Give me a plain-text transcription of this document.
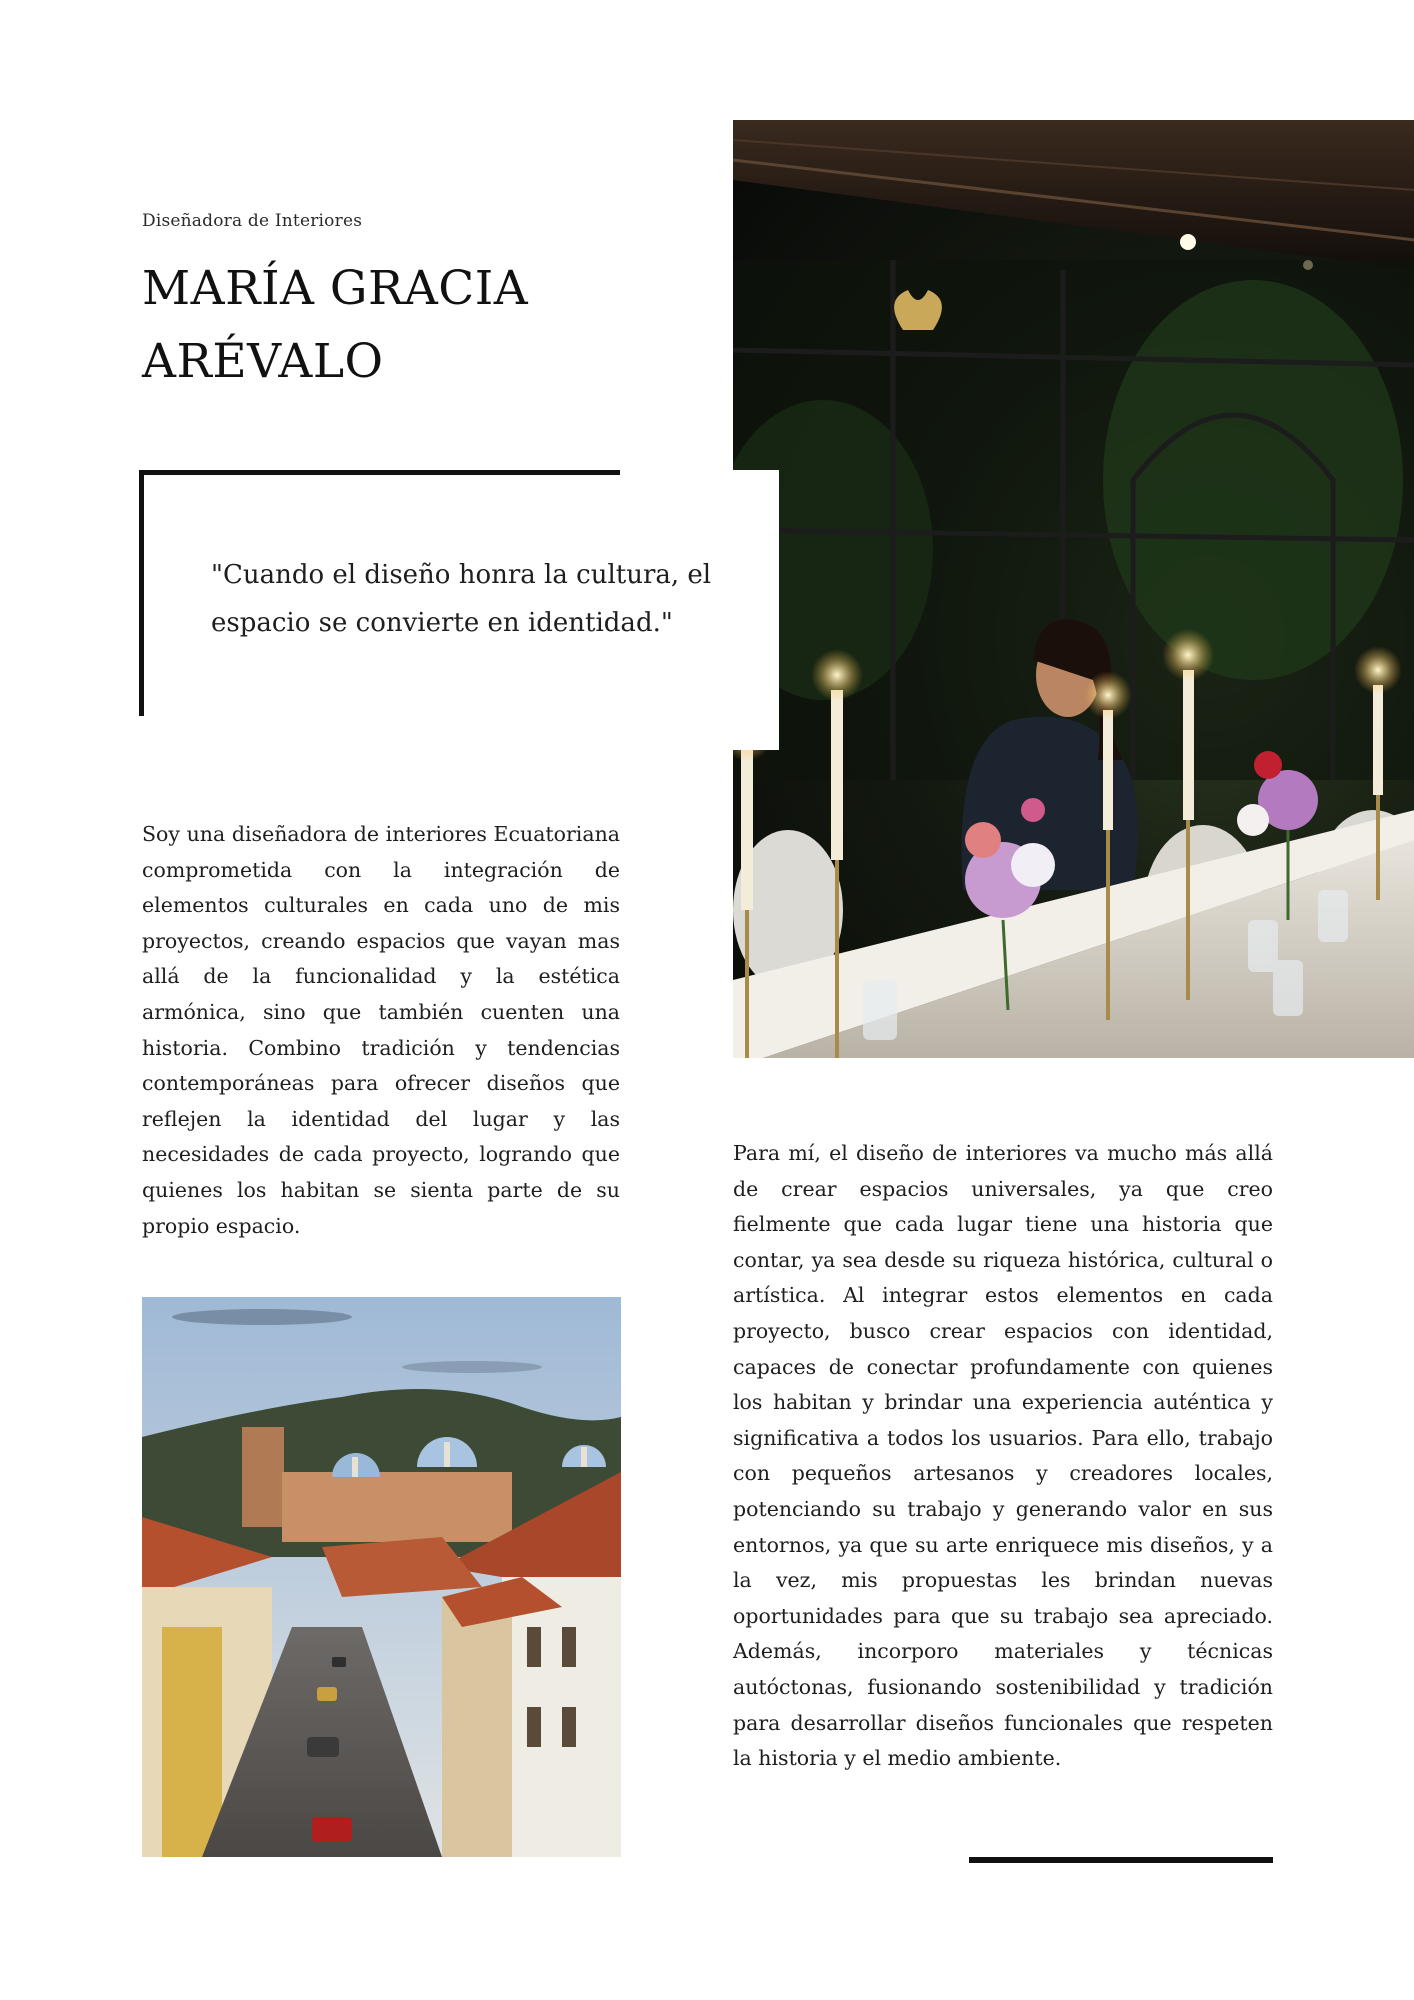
Diseñadora de Interiores
MARÍA GRACIA
ARÉVALO
"Cuando el diseño honra la cultura, el
espacio se convierte en identidad."

Soy una diseñadora de interiores Ecuatoriana comprometida con la integración de elementos culturales en cada uno de mis proyectos, creando espacios que vayan mas allá de la funcionalidad y la estética armónica, sino que también cuenten una historia. Combino tradición y tendencias contemporáneas para ofrecer diseños que reflejen la identidad del lugar y las necesidades de cada proyecto, logrando que quienes los habitan se sienta parte de su propio espacio.

Para mí, el diseño de interiores va mucho más allá de crear espacios universales, ya que creo fielmente que cada lugar tiene una historia que contar, ya sea desde su riqueza histórica, cultural o artística. Al integrar estos elementos en cada proyecto, busco crear espacios con identidad, capaces de conectar profundamente con quienes los habitan y brindar una experiencia auténtica y significativa a todos los usuarios. Para ello, trabajo con pequeños artesanos y creadores locales, potenciando su trabajo y generando valor en sus entornos, ya que su arte enriquece mis diseños, y a la vez, mis propuestas les brindan nuevas oportunidades para que su trabajo sea apreciado. Además, incorporo materiales y técnicas autóctonas, fusionando sostenibilidad y tradición para desarrollar diseños funcionales que respeten la historia y el medio ambiente.
